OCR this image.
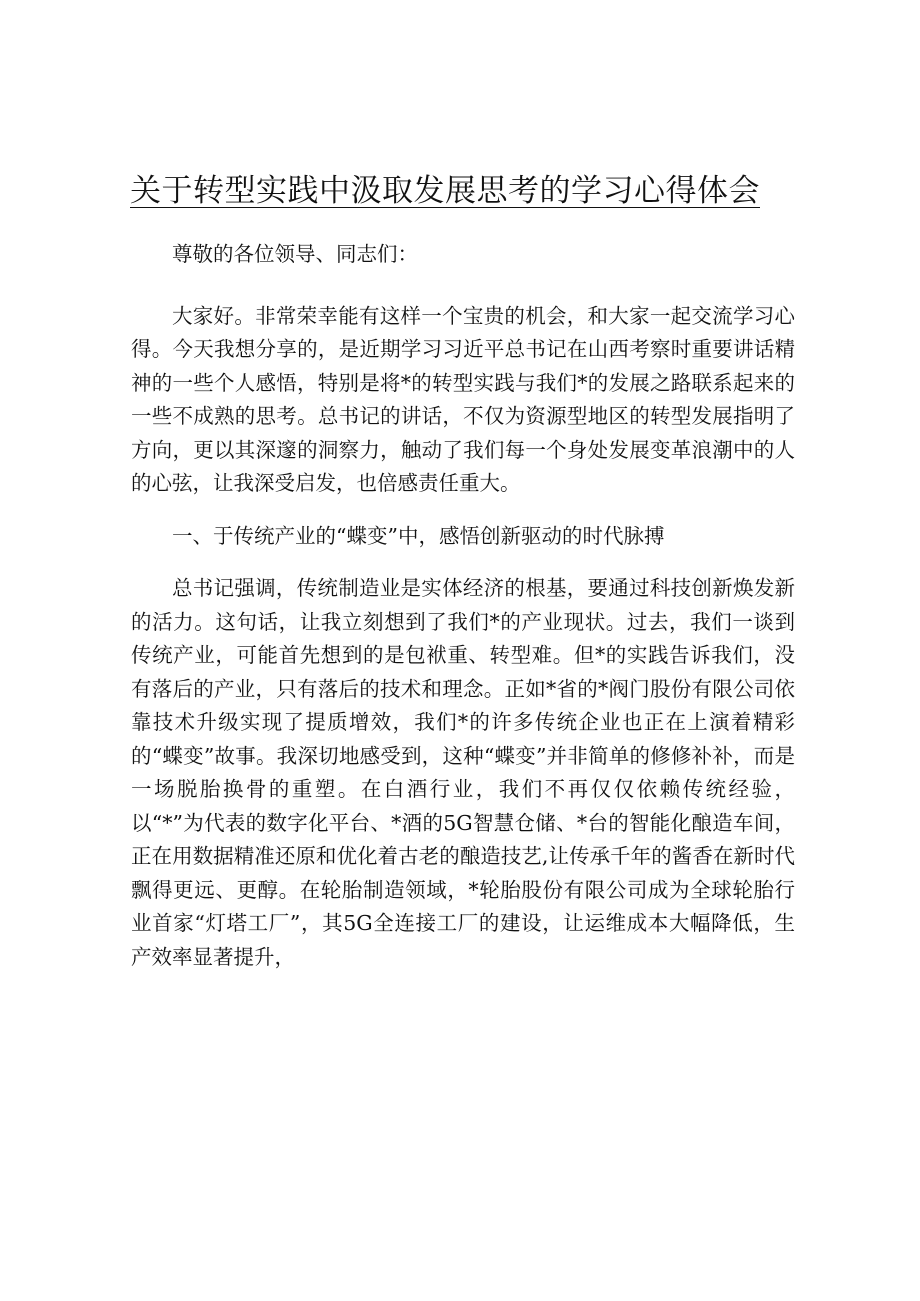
关于转型实践中汲取发展思考的学习心得体会

尊敬的各位领导、同志们：

大家好。非常荣幸能有这样一个宝贵的机会，和大家一起交流学习心得。今天我想分享的，是近期学习习近平总书记在山西考察时重要讲话精神的一些个人感悟，特别是将*的转型实践与我们*的发展之路联系起来的一些不成熟的思考。总书记的讲话，不仅为资源型地区的转型发展指明了方向，更以其深邃的洞察力，触动了我们每一个身处发展变革浪潮中的人的心弦，让我深受启发，也倍感责任重大。

一、于传统产业的“蝶变”中，感悟创新驱动的时代脉搏

总书记强调，传统制造业是实体经济的根基，要通过科技创新焕发新的活力。这句话，让我立刻想到了我们*的产业现状。过去，我们一谈到传统产业，可能首先想到的是包袱重、转型难。但*的实践告诉我们，没有落后的产业，只有落后的技术和理念。正如*省的*阀门股份有限公司依靠技术升级实现了提质增效，我们*的许多传统企业也正在上演着精彩的“蝶变”故事。我深切地感受到，这种“蝶变”并非简单的修修补补，而是一场脱胎换骨的重塑。在白酒行业，我们不再仅仅依赖传统经验，以“*”为代表的数字化平台、*酒的5G智慧仓储、*台的智能化酿造车间，正在用数据精准还原和优化着古老的酿造技艺,让传承千年的酱香在新时代飘得更远、更醇。在轮胎制造领域，*轮胎股份有限公司成为全球轮胎行业首家“灯塔工厂”，其5G全连接工厂的建设，让运维成本大幅降低，生产效率显著提升，
